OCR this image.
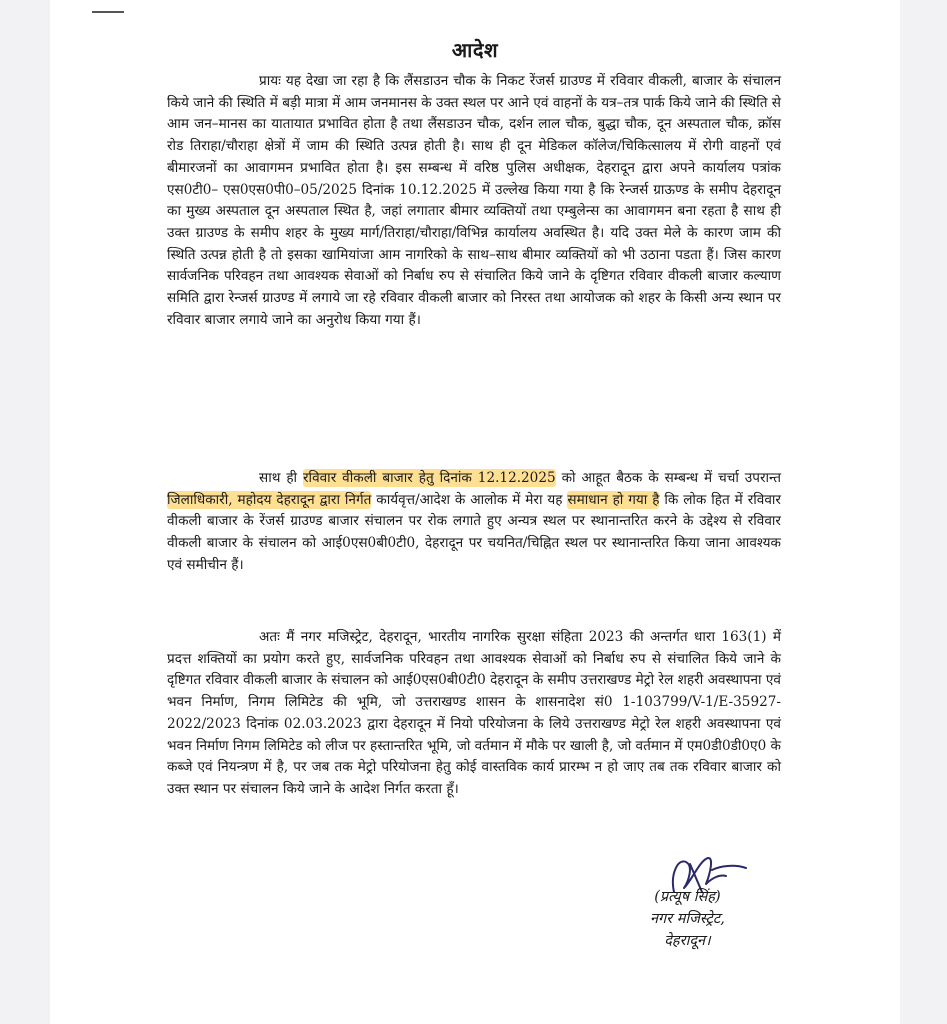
आदेश

प्रायः यह देखा जा रहा है कि लैंसडाउन चौक के निकट रेंजर्स ग्राउण्ड में रविवार वीकली, बाजार के संचालन किये जाने की स्थिति में बड़ी मात्रा में आम जनमानस के उक्त स्थल पर आने एवं वाहनों के यत्र–तत्र पार्क किये जाने की स्थिति से आम जन–मानस का यातायात प्रभावित होता है तथा लैंसडाउन चौक, दर्शन लाल चौक, बुद्धा चौक, दून अस्पताल चौक, क्रॉस रोड तिराहा/चौराहा क्षेत्रों में जाम की स्थिति उत्पन्न होती है। साथ ही दून मेडिकल कॉलेज/चिकित्सालय में रोगी वाहनों एवं बीमारजनों का आवागमन प्रभावित होता है। इस सम्बन्ध में वरिष्ठ पुलिस अधीक्षक, देहरादून द्वारा अपने कार्यालय पत्रांक एस0टी0– एस0एस0पी0–05/2025 दिनांक 10.12.2025 में उल्लेख किया गया है कि रेन्जर्स ग्राऊण्ड के समीप देहरादून का मुख्य अस्पताल दून अस्पताल स्थित है, जहां लगातार बीमार व्यक्तियों तथा एम्बुलेन्स का आवागमन बना रहता है साथ ही उक्त ग्राउण्ड के समीप शहर के मुख्य मार्ग/तिराहा/चौराहा/विभिन्न कार्यालय अवस्थित है। यदि उक्त मेले के कारण जाम की स्थिति उत्पन्न होती है तो इसका खामियांजा आम नागरिको के साथ–साथ बीमार व्यक्तियों को भी उठाना पडता हैं। जिस कारण सार्वजनिक परिवहन तथा आवश्यक सेवाओं को निर्बाध रुप से संचालित किये जाने के दृष्टिगत रविवार वीकली बाजार कल्याण समिति द्वारा रेन्जर्स ग्राउण्ड में लगाये जा रहे रविवार वीकली बाजार को निरस्त तथा आयोजक को शहर के किसी अन्य स्थान पर रविवार बाजार लगाये जाने का अनुरोध किया गया हैं।

साथ ही रविवार वीकली बाजार हेतु दिनांक 12.12.2025 को आहूत बैठक के सम्बन्ध में चर्चा उपरान्त जिलाधिकारी, महोदय देहरादून द्वारा निर्गत कार्यवृत्त/आदेश के आलोक में मेरा यह समाधान हो गया है कि लोक हित में रविवार वीकली बाजार के रेंजर्स ग्राउण्ड बाजार संचालन पर रोक लगाते हुए अन्यत्र स्थल पर स्थानान्तरित करने के उद्देश्य से रविवार वीकली बाजार के संचालन को आई0एस0बी0टी0, देहरादून पर चयनित/चिह्नित स्थल पर स्थानान्तरित किया जाना आवश्यक एवं समीचीन हैं।

अतः मैं नगर मजिस्ट्रेट, देहरादून, भारतीय नागरिक सुरक्षा संहिता 2023 की अन्तर्गत धारा 163(1) में प्रदत्त शक्तियों का प्रयोग करते हुए, सार्वजनिक परिवहन तथा आवश्यक सेवाओं को निर्बाध रुप से संचालित किये जाने के दृष्टिगत रविवार वीकली बाजार के संचालन को आई0एस0बी0टी0 देहरादून के समीप उत्तराखण्ड मेट्रो रेल शहरी अवस्थापना एवं भवन निर्माण, निगम लिमिटेड की भूमि, जो उत्तराखण्ड शासन के शासनादेश सं0 1-103799/V-1/E-35927-2022/2023 दिनांक 02.03.2023 द्वारा देहरादून में नियो परियोजना के लिये उत्तराखण्ड मेट्रो रेल शहरी अवस्थापना एवं भवन निर्माण निगम लिमिटेड को लीज पर हस्तान्तरित भूमि, जो वर्तमान में मौके पर खाली है, जो वर्तमान में एम0डी0डी0ए0 के कब्जे एवं नियन्त्रण में है, पर जब तक मेट्रो परियोजना हेतु कोई वास्तविक कार्य प्रारम्भ न हो जाए तब तक रविवार बाजार को उक्त स्थान पर संचालन किये जाने के आदेश निर्गत करता हूँ।

(प्रत्यूष सिंह)
नगर मजिस्ट्रेट,
देहरादून।
